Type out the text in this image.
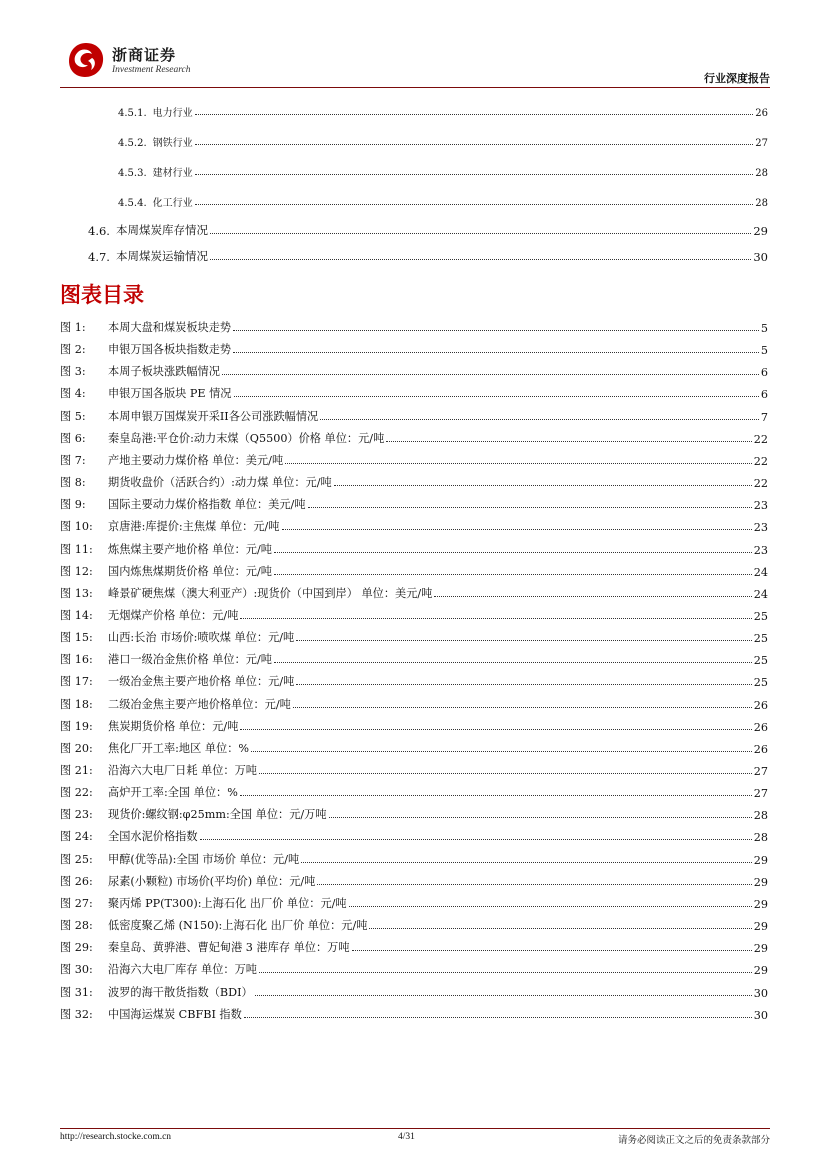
浙商证券
Investment Research
行业深度报告
4.5.1. 电力行业	26
4.5.2. 钢铁行业	27
4.5.3. 建材行业	28
4.5.4. 化工行业	28
4.6. 本周煤炭库存情况	29
4.7. 本周煤炭运输情况	30
图表目录
图 1:	本周大盘和煤炭板块走势	5
图 2:	申银万国各板块指数走势	5
图 3:	本周子板块涨跌幅情况	6
图 4:	申银万国各版块 PE 情况	6
图 5:	本周申银万国煤炭开采II各公司涨跌幅情况	7
图 6:	秦皇岛港:平仓价:动力末煤（Q5500）价格 单位：元/吨	22
图 7:	产地主要动力煤价格 单位：美元/吨	22
图 8:	期货收盘价（活跃合约）:动力煤 单位：元/吨	22
图 9:	国际主要动力煤价格指数 单位：美元/吨	23
图 10:	京唐港:库提价:主焦煤 单位：元/吨	23
图 11:	炼焦煤主要产地价格 单位：元/吨	23
图 12:	国内炼焦煤期货价格 单位：元/吨	24
图 13:	峰景矿硬焦煤（澳大利亚产）:现货价（中国到岸） 单位：美元/吨	24
图 14:	无烟煤产价格 单位：元/吨	25
图 15:	山西:长治 市场价:喷吹煤 单位：元/吨	25
图 16:	港口一级冶金焦价格 单位：元/吨	25
图 17:	一级冶金焦主要产地价格 单位：元/吨	25
图 18:	二级冶金焦主要产地价格单位：元/吨	26
图 19:	焦炭期货价格 单位：元/吨	26
图 20:	焦化厂开工率:地区 单位：%	26
图 21:	沿海六大电厂日耗 单位：万吨	27
图 22:	高炉开工率:全国 单位：%	27
图 23:	现货价:螺纹钢:φ25mm:全国 单位：元/万吨	28
图 24:	全国水泥价格指数	28
图 25:	甲醇(优等品):全国 市场价 单位：元/吨	29
图 26:	尿素(小颗粒) 市场价(平均价) 单位：元/吨	29
图 27:	聚丙烯 PP(T300):上海石化 出厂价 单位：元/吨	29
图 28:	低密度聚乙烯 (N150):上海石化 出厂价 单位：元/吨	29
图 29:	秦皇岛、黄骅港、曹妃甸港 3 港库存 单位：万吨	29
图 30:	沿海六大电厂库存 单位：万吨	29
图 31:	波罗的海干散货指数（BDI）	30
图 32:	中国海运煤炭 CBFBI 指数	30
http://research.stocke.com.cn	4/31	请务必阅读正文之后的免责条款部分
